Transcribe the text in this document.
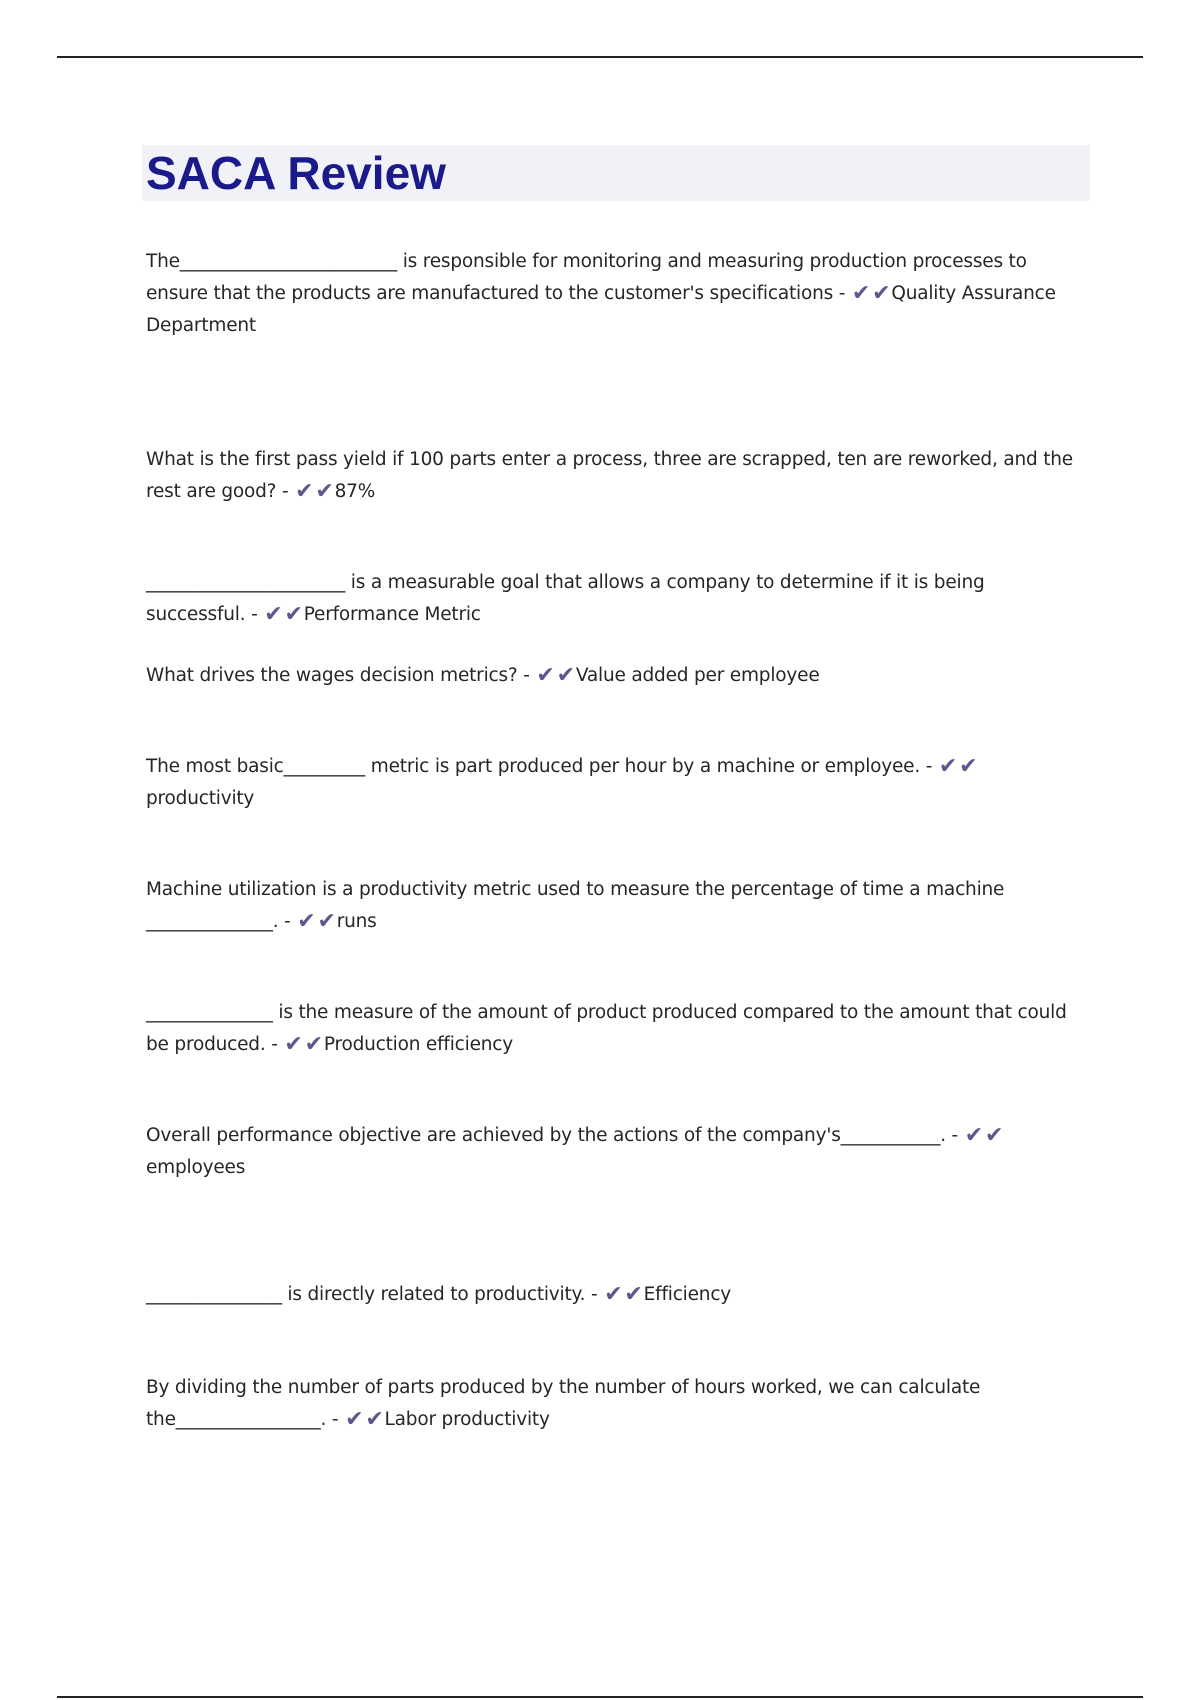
SACA Review

The________________________ is responsible for monitoring and measuring production processes to ensure that the products are manufactured to the customer's specifications - ✔✔Quality Assurance Department

What is the first pass yield if 100 parts enter a process, three are scrapped, ten are reworked, and the rest are good? - ✔✔87%

______________________ is a measurable goal that allows a company to determine if it is being successful. - ✔✔Performance Metric

What drives the wages decision metrics? - ✔✔Value added per employee

The most basic_________ metric is part produced per hour by a machine or employee. - ✔✔productivity

Machine utilization is a productivity metric used to measure the percentage of time a machine ______________. - ✔✔runs

______________ is the measure of the amount of product produced compared to the amount that could be produced. - ✔✔Production efficiency

Overall performance objective are achieved by the actions of the company's___________. - ✔✔employees

_______________ is directly related to productivity. - ✔✔Efficiency

By dividing the number of parts produced by the number of hours worked, we can calculate the________________. - ✔✔Labor productivity
